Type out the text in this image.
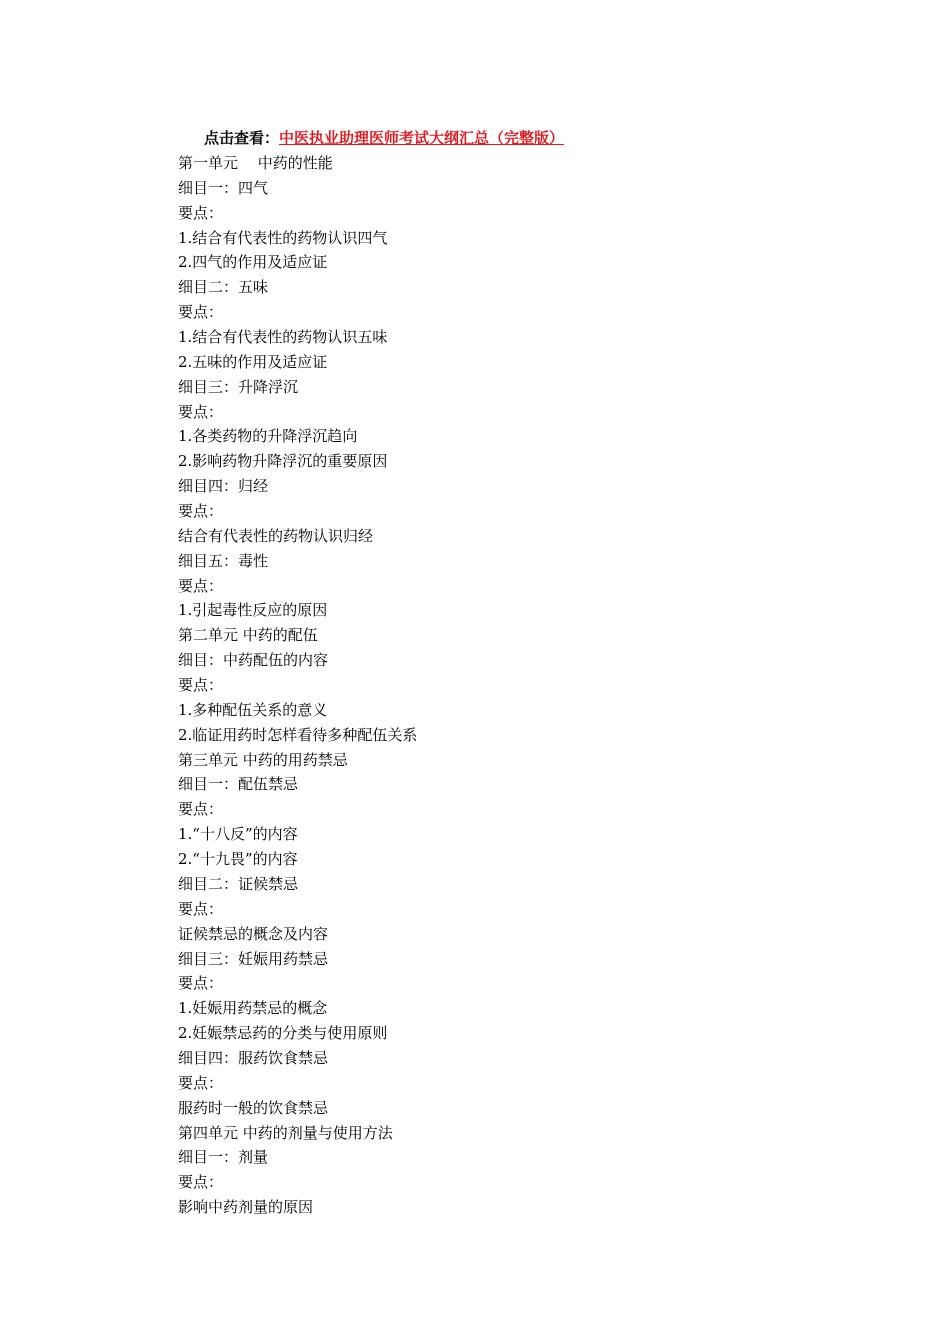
点击查看：中医执业助理医师考试大纲汇总（完整版）
第一单元　 中药的性能
细目一：四气
要点：
1.结合有代表性的药物认识四气
2.四气的作用及适应证
细目二：五味
要点：
1.结合有代表性的药物认识五味
2.五味的作用及适应证
细目三：升降浮沉
要点：
1.各类药物的升降浮沉趋向
2.影响药物升降浮沉的重要原因
细目四：归经
要点：
结合有代表性的药物认识归经
细目五：毒性
要点：
1.引起毒性反应的原因
第二单元 中药的配伍
细目：中药配伍的内容
要点：
1.多种配伍关系的意义
2.临证用药时怎样看待多种配伍关系
第三单元 中药的用药禁忌
细目一：配伍禁忌
要点：
1.“十八反”的内容
2.“十九畏”的内容
细目二：证候禁忌
要点：
证候禁忌的概念及内容
细目三：妊娠用药禁忌
要点：
1.妊娠用药禁忌的概念
2.妊娠禁忌药的分类与使用原则
细目四：服药饮食禁忌
要点：
服药时一般的饮食禁忌
第四单元 中药的剂量与使用方法
细目一：剂量
要点：
影响中药剂量的原因
